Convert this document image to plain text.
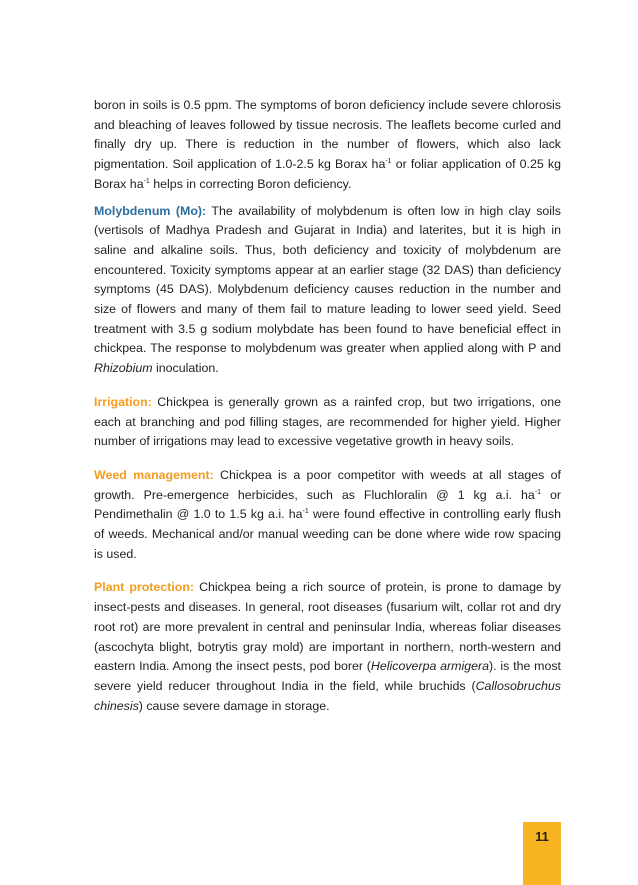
boron in soils is 0.5 ppm. The symptoms of boron deficiency include severe chlorosis and bleaching of leaves followed by tissue necrosis. The leaflets become curled and finally dry up. There is reduction in the number of flowers, which also lack pigmentation. Soil application of 1.0-2.5 kg Borax $ha^{-1}$ or foliar application of 0.25 kg Borax $ha^{-1}$ helps in correcting Boron deficiency.

Molybdenum (Mo): The availability of molybdenum is often low in high clay soils (vertisols of Madhya Pradesh and Gujarat in India) and laterites, but it is high in saline and alkaline soils. Thus, both deficiency and toxicity of molybdenum are encountered. Toxicity symptoms appear at an earlier stage (32 DAS) than deficiency symptoms (45 DAS). Molybdenum deficiency causes reduction in the number and size of flowers and many of them fail to mature leading to lower seed yield. Seed treatment with 3.5 g sodium molybdate has been found to have beneficial effect in chickpea. The response to molybdenum was greater when applied along with P and Rhizobium inoculation.

Irrigation: Chickpea is generally grown as a rainfed crop, but two irrigations, one each at branching and pod filling stages, are recommended for higher yield. Higher number of irrigations may lead to excessive vegetative growth in heavy soils.

Weed management: Chickpea is a poor competitor with weeds at all stages of growth. Pre-emergence herbicides, such as Fluchloralin @ 1 kg a.i. $ha^{-1}$ or Pendimethalin @ 1.0 to 1.5 kg a.i. $ha^{-1}$ were found effective in controlling early flush of weeds. Mechanical and/or manual weeding can be done where wide row spacing is used.

Plant protection: Chickpea being a rich source of protein, is prone to damage by insect-pests and diseases. In general, root diseases (fusarium wilt, collar rot and dry root rot) are more prevalent in central and peninsular India, whereas foliar diseases (ascochyta blight, botrytis gray mold) are important in northern, north-western and eastern India. Among the insect pests, pod borer (Helicoverpa armigera). is the most severe yield reducer throughout India in the field, while bruchids (Callosobruchus chinesis) cause severe damage in storage.

11
